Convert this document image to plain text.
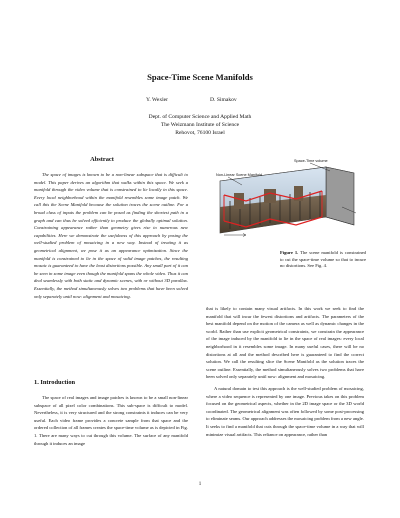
Space-Time Scene Manifolds
Y. Wexler	D. Simakov
Dept. of Computer Science and Applied Math
The Weizmann Institute of Science
Rehovot, 76100 Israel
Abstract
The space of images is known to be a non-linear subspace that is difficult to model. This paper derives an algorithm that walks within this space. We seek a manifold through the video volume that is constrained to lie locally in this space. Every local neighborhood within the manifold resembles some image patch. We call this the Scene Manifold because the solution traces the scene outline. For a broad class of inputs the problem can be posed as finding the shortest path in a graph and can thus be solved efficiently to produce the globally optimal solution. Constraining appearance rather than geometry gives rise to numerous new capabilities. Here we demonstrate the usefulness of this approach by posing the well-studied problem of mosaicing in a new way. Instead of treating it as geometrical alignment, we pose it as an appearance optimization. Since the manifold is constrained to lie in the space of valid image patches, the resulting mosaic is guaranteed to have the least distortions possible. Any small part of it can be seen in some image even though the manifold spans the whole video. Thus it can deal seamlessly with both static and dynamic scenes, with or without 3D parallax. Essentially, the method simultaneously solves two problems that have been solved only separately until now: alignment and mosaicing.
Non-Linear Scene Manifold
Space-Time volume
Figure 1. The scene manifold is constrained to cut the space-time volume so that to incure no distortions. See Fig. 4.

that is likely to contain many visual artifacts. In this work we seek to find the manifold that will incur the fewest distortions and artifacts. The parameters of the best manifold depend on the motion of the camera as well as dynamic changes in the world. Rather than use explicit geometrical constraints, we constrain the appearance of the image induced by the manifold to lie in the space of real images: every local neighborhood in it resembles some image. In many useful cases, there will be no distortions at all and the method described here is guaranteed to find the correct solution. We call the resulting slice the Scene Manifold as the solution traces the scene outline. Essentially, the method simultaneously solves two problems that have been solved only separately until now: alignment and mosaicing.

A natural domain to test this approach is the well-studied problem of mosaicing, where a video sequence is represented by one image. Previous takes on this problem focused on the geometrical aspects, whether in the 2D image space or the 3D world coordinated. The geometrical alignment was often followed by some post-processing to eliminate seams. Our approach addresses the mosaicing problem from a new angle. It seeks to find a manifold that cuts through the space-time volume in a way that will minimize visual artifacts. This reliance on appearance, rather than

1. Introduction
The space of real images and image patches is known to be a small non-linear subspace of all pixel color combinations. This sub-space is difficult to model. Nevertheless, it is very structured and the strong constraints it induces can be very useful. Each video frame provides a concrete sample from that space and the ordered collection of all frames creates the space-time volume as is depicted in Fig. 1. There are many ways to cut through this volume. The surface of any manifold through it induces an image
1
